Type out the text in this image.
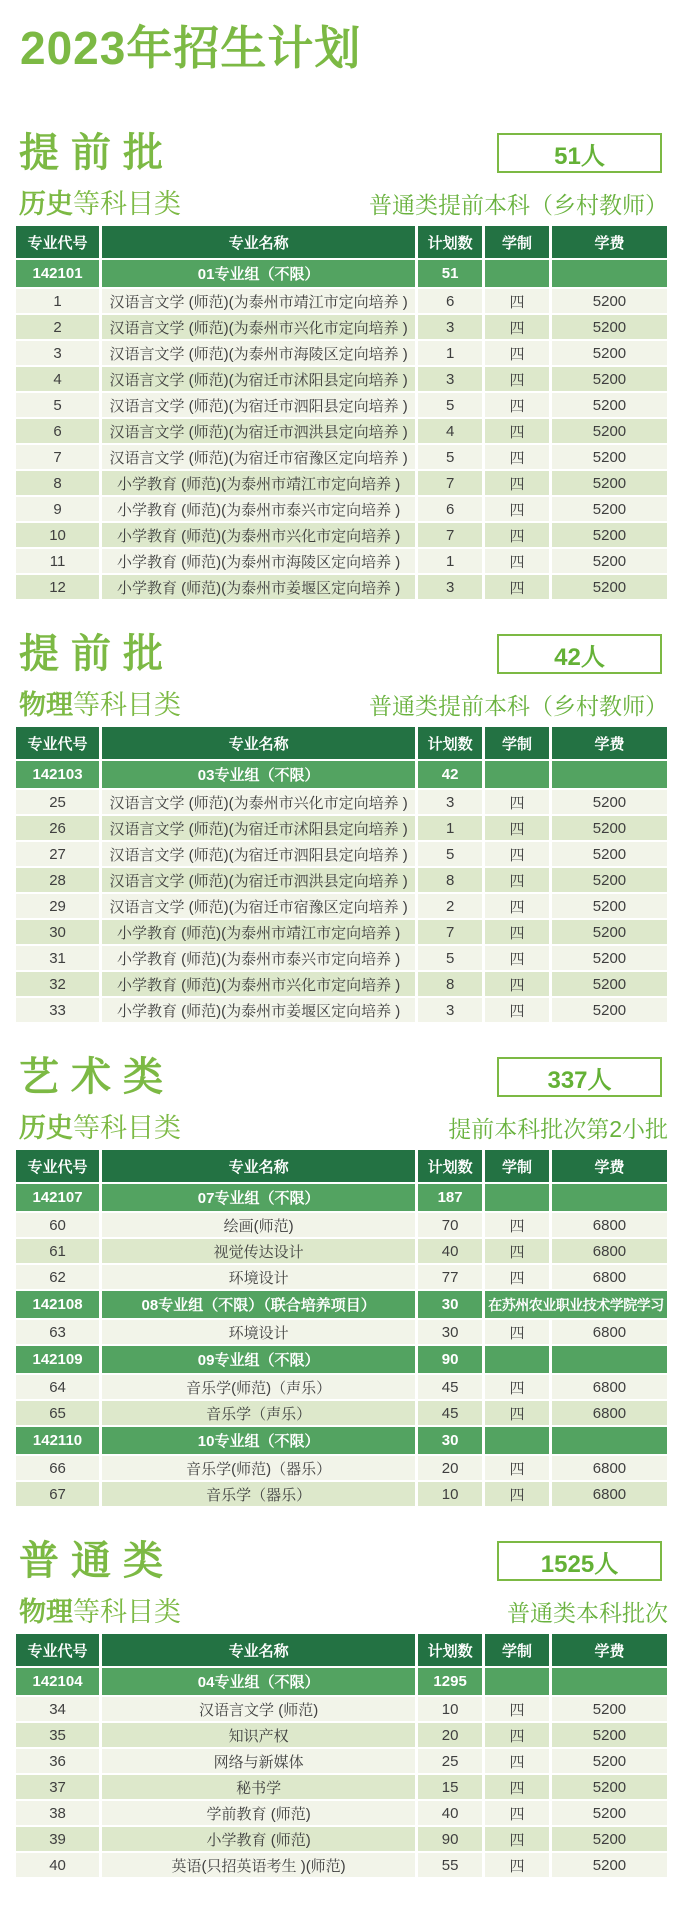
2023年招生计划
提前批	51人
历史等科目类	普通类提前本科（乡村教师）
专业代号	专业名称	计划数	学制	学费
142101	01专业组（不限）	51		
1	汉语言文学 (师范)(为泰州市靖江市定向培养 )	6	四	5200
2	汉语言文学 (师范)(为泰州市兴化市定向培养 )	3	四	5200
3	汉语言文学 (师范)(为泰州市海陵区定向培养 )	1	四	5200
4	汉语言文学 (师范)(为宿迁市沭阳县定向培养 )	3	四	5200
5	汉语言文学 (师范)(为宿迁市泗阳县定向培养 )	5	四	5200
6	汉语言文学 (师范)(为宿迁市泗洪县定向培养 )	4	四	5200
7	汉语言文学 (师范)(为宿迁市宿豫区定向培养 )	5	四	5200
8	小学教育 (师范)(为泰州市靖江市定向培养 )	7	四	5200
9	小学教育 (师范)(为泰州市泰兴市定向培养 )	6	四	5200
10	小学教育 (师范)(为泰州市兴化市定向培养 )	7	四	5200
11	小学教育 (师范)(为泰州市海陵区定向培养 )	1	四	5200
12	小学教育 (师范)(为泰州市姜堰区定向培养 )	3	四	5200
提前批	42人
物理等科目类	普通类提前本科（乡村教师）
专业代号	专业名称	计划数	学制	学费
142103	03专业组（不限）	42		
25	汉语言文学 (师范)(为泰州市兴化市定向培养 )	3	四	5200
26	汉语言文学 (师范)(为宿迁市沭阳县定向培养 )	1	四	5200
27	汉语言文学 (师范)(为宿迁市泗阳县定向培养 )	5	四	5200
28	汉语言文学 (师范)(为宿迁市泗洪县定向培养 )	8	四	5200
29	汉语言文学 (师范)(为宿迁市宿豫区定向培养 )	2	四	5200
30	小学教育 (师范)(为泰州市靖江市定向培养 )	7	四	5200
31	小学教育 (师范)(为泰州市泰兴市定向培养 )	5	四	5200
32	小学教育 (师范)(为泰州市兴化市定向培养 )	8	四	5200
33	小学教育 (师范)(为泰州市姜堰区定向培养 )	3	四	5200
艺术类	337人
历史等科目类	提前本科批次第2小批
专业代号	专业名称	计划数	学制	学费
142107	07专业组（不限）	187		
60	绘画(师范)	70	四	6800
61	视觉传达设计	40	四	6800
62	环境设计	77	四	6800
142108	08专业组（不限）（联合培养项目）	30	在苏州农业职业技术学院学习	
63	环境设计	30	四	6800
142109	09专业组（不限）	90		
64	音乐学(师范)（声乐）	45	四	6800
65	音乐学（声乐）	45	四	6800
142110	10专业组（不限）	30		
66	音乐学(师范)（器乐）	20	四	6800
67	音乐学（器乐）	10	四	6800
普通类	1525人
物理等科目类	普通类本科批次
专业代号	专业名称	计划数	学制	学费
142104	04专业组（不限）	1295		
34	汉语言文学 (师范)	10	四	5200
35	知识产权	20	四	5200
36	网络与新媒体	25	四	5200
37	秘书学	15	四	5200
38	学前教育 (师范)	40	四	5200
39	小学教育 (师范)	90	四	5200
40	英语(只招英语考生 )(师范)	55	四	5200
